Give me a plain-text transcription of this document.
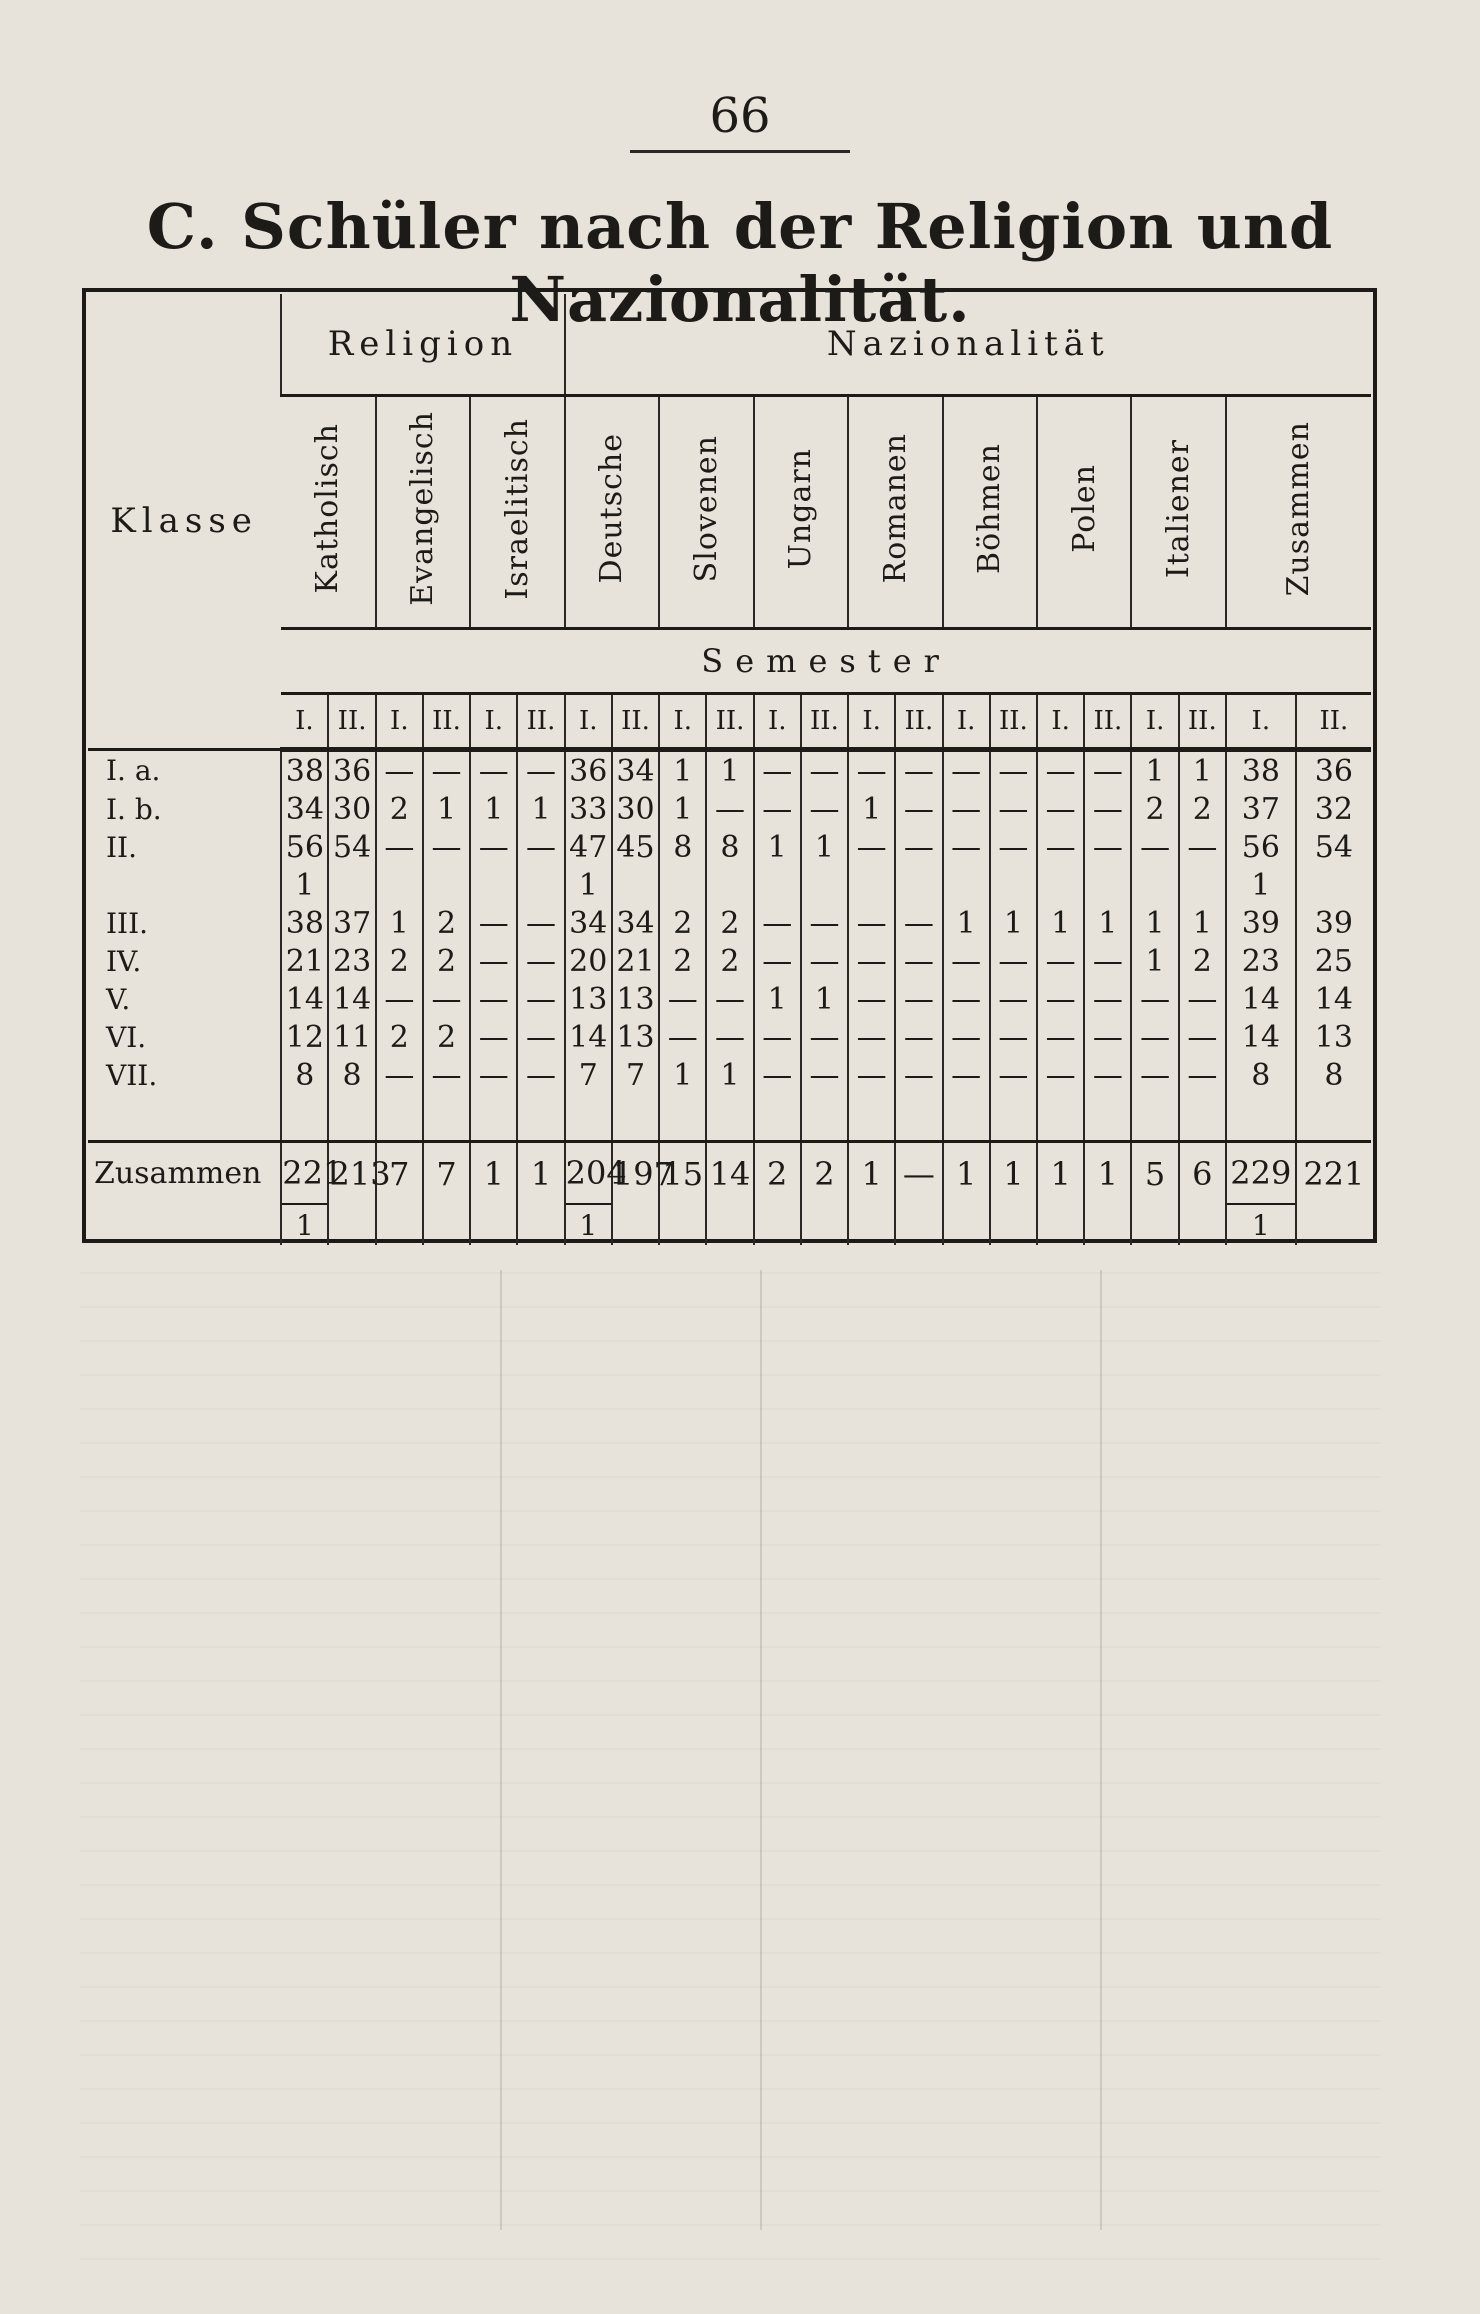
66
C. Schüler nach der Religion und Nazionalität.
Klasse	Religion						Nazionalität															
	Katholisch		Evangelisch		Israelitisch		Deutsche		Slovenen		Ungarn		Romanen		Böhmen		Polen		Italiener		Zusammen	
	Semester																					
	I.	II.	I.	II.	I.	II.	I.	II.	I.	II.	I.	II.	I.	II.	I.	II.	I.	II.	I.	II.	I.	II.
I. a.	38	36	—	—	—	—	36	34	1	1	—	—	—	—	—	—	—	—	1	1	38	36
I. b.	34	30	2	1	1	1	33	30	1	—	—	—	1	—	—	—	—	—	2	2	37	32
II.	56	54	—	—	—	—	47	45	8	8	1	1	—	—	—	—	—	—	—	—	56	54
	1						1														1	
III.	38	37	1	2	—	—	34	34	2	2	—	—	—	—	1	1	1	1	1	1	39	39
IV.	21	23	2	2	—	—	20	21	2	2	—	—	—	—	—	—	—	—	1	2	23	25
V.	14	14	—	—	—	—	13	13	—	—	1	1	—	—	—	—	—	—	—	—	14	14
VI.	12	11	2	2	—	—	14	13	—	—	—	—	—	—	—	—	—	—	—	—	14	13
VII.	8	8	—	—	—	—	7	7	1	1	—	—	—	—	—	—	—	—	—	—	8	8

Zusammen	221	213	7	7	1	1	204	197	15	14	2	2	1	—	1	1	1	1	5	6	229	221
	1						1														1	
